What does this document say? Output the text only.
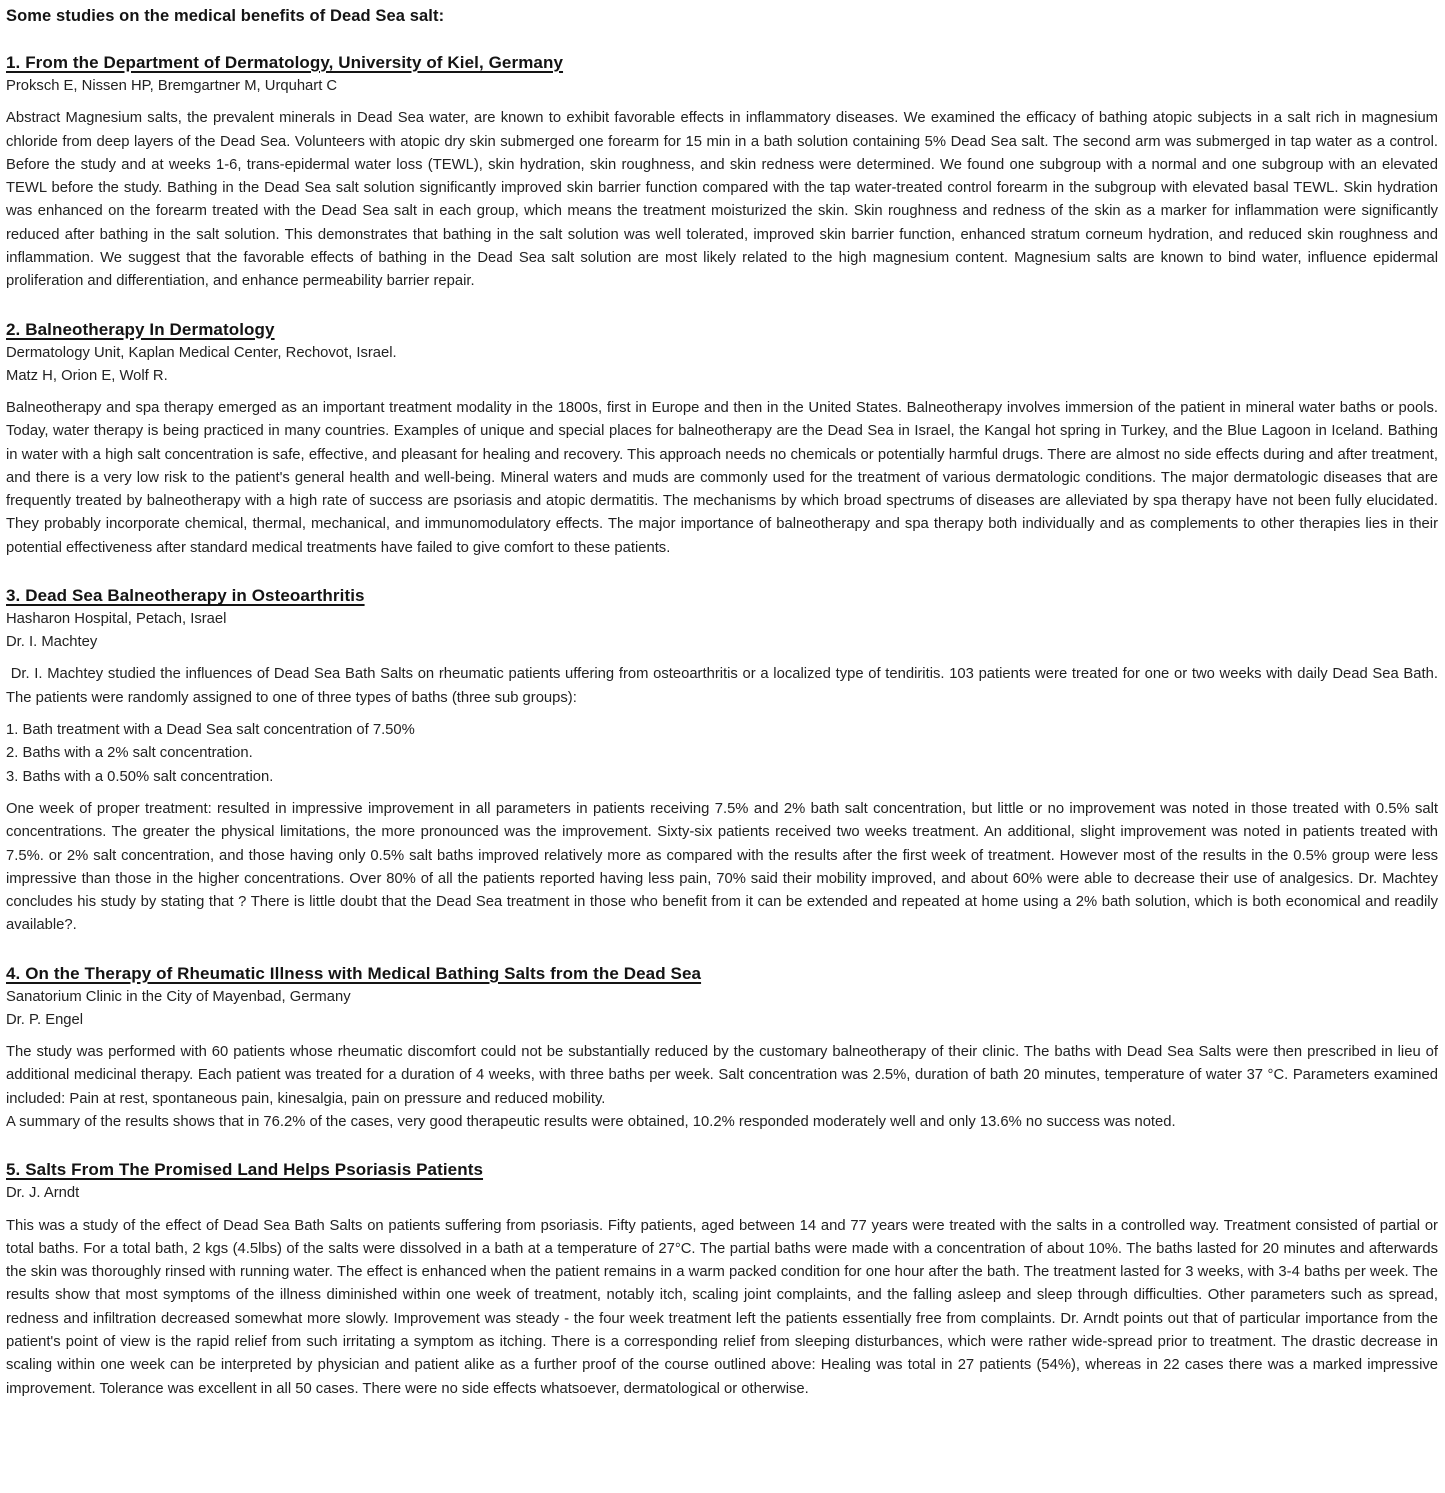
Some studies on the medical benefits of Dead Sea salt:
1. From the Department of Dermatology, University of Kiel, Germany
Proksch E, Nissen HP, Bremgartner M, Urquhart C

Abstract Magnesium salts, the prevalent minerals in Dead Sea water, are known to exhibit favorable effects in inflammatory diseases. We examined the efficacy of bathing atopic subjects in a salt rich in magnesium chloride from deep layers of the Dead Sea. Volunteers with atopic dry skin submerged one forearm for 15 min in a bath solution containing 5% Dead Sea salt. The second arm was submerged in tap water as a control. Before the study and at weeks 1-6, trans-epidermal water loss (TEWL), skin hydration, skin roughness, and skin redness were determined. We found one subgroup with a normal and one subgroup with an elevated TEWL before the study. Bathing in the Dead Sea salt solution significantly improved skin barrier function compared with the tap water-treated control forearm in the subgroup with elevated basal TEWL. Skin hydration was enhanced on the forearm treated with the Dead Sea salt in each group, which means the treatment moisturized the skin. Skin roughness and redness of the skin as a marker for inflammation were significantly reduced after bathing in the salt solution. This demonstrates that bathing in the salt solution was well tolerated, improved skin barrier function, enhanced stratum corneum hydration, and reduced skin roughness and inflammation. We suggest that the favorable effects of bathing in the Dead Sea salt solution are most likely related to the high magnesium content. Magnesium salts are known to bind water, influence epidermal proliferation and differentiation, and enhance permeability barrier repair.

2. Balneotherapy In Dermatology
Dermatology Unit, Kaplan Medical Center, Rechovot, Israel.
Matz H, Orion E, Wolf R.

Balneotherapy and spa therapy emerged as an important treatment modality in the 1800s, first in Europe and then in the United States. Balneotherapy involves immersion of the patient in mineral water baths or pools. Today, water therapy is being practiced in many countries. Examples of unique and special places for balneotherapy are the Dead Sea in Israel, the Kangal hot spring in Turkey, and the Blue Lagoon in Iceland. Bathing in water with a high salt concentration is safe, effective, and pleasant for healing and recovery. This approach needs no chemicals or potentially harmful drugs. There are almost no side effects during and after treatment, and there is a very low risk to the patient's general health and well-being. Mineral waters and muds are commonly used for the treatment of various dermatologic conditions. The major dermatologic diseases that are frequently treated by balneotherapy with a high rate of success are psoriasis and atopic dermatitis. The mechanisms by which broad spectrums of diseases are alleviated by spa therapy have not been fully elucidated. They probably incorporate chemical, thermal, mechanical, and immunomodulatory effects. The major importance of balneotherapy and spa therapy both individually and as complements to other therapies lies in their potential effectiveness after standard medical treatments have failed to give comfort to these patients.

3. Dead Sea Balneotherapy in Osteoarthritis
Hasharon Hospital, Petach, Israel
Dr. I. Machtey

Dr. I. Machtey studied the influences of Dead Sea Bath Salts on rheumatic patients uffering from osteoarthritis or a localized type of tendiritis. 103 patients were treated for one or two weeks with daily Dead Sea Bath. The patients were randomly assigned to one of three types of baths (three sub groups):

1. Bath treatment with a Dead Sea salt concentration of 7.50%
2. Baths with a 2% salt concentration.
3. Baths with a 0.50% salt concentration.

One week of proper treatment: resulted in impressive improvement in all parameters in patients receiving 7.5% and 2% bath salt concentration, but little or no improvement was noted in those treated with 0.5% salt concentrations. The greater the physical limitations, the more pronounced was the improvement. Sixty-six patients received two weeks treatment. An additional, slight improvement was noted in patients treated with 7.5%. or 2% salt concentration, and those having only 0.5% salt baths improved relatively more as compared with the results after the first week of treatment. However most of the results in the 0.5% group were less impressive than those in the higher concentrations. Over 80% of all the patients reported having less pain, 70% said their mobility improved, and about 60% were able to decrease their use of analgesics. Dr. Machtey concludes his study by stating that ? There is little doubt that the Dead Sea treatment in those who benefit from it can be extended and repeated at home using a 2% bath solution, which is both economical and readily available?.

4. On the Therapy of Rheumatic Illness with Medical Bathing Salts from the Dead Sea
Sanatorium Clinic in the City of Mayenbad, Germany
Dr. P. Engel

The study was performed with 60 patients whose rheumatic discomfort could not be substantially reduced by the customary balneotherapy of their clinic. The baths with Dead Sea Salts were then prescribed in lieu of additional medicinal therapy. Each patient was treated for a duration of 4 weeks, with three baths per week. Salt concentration was 2.5%, duration of bath 20 minutes, temperature of water 37 °C. Parameters examined included: Pain at rest, spontaneous pain, kinesalgia, pain on pressure and reduced mobility.

A summary of the results shows that in 76.2% of the cases, very good therapeutic results were obtained, 10.2% responded moderately well and only 13.6% no success was noted.

5. Salts From The Promised Land Helps Psoriasis Patients
Dr. J. Arndt

This was a study of the effect of Dead Sea Bath Salts on patients suffering from psoriasis. Fifty patients, aged between 14 and 77 years were treated with the salts in a controlled way. Treatment consisted of partial or total baths. For a total bath, 2 kgs (4.5lbs) of the salts were dissolved in a bath at a temperature of 27°C. The partial baths were made with a concentration of about 10%. The baths lasted for 20 minutes and afterwards the skin was thoroughly rinsed with running water. The effect is enhanced when the patient remains in a warm packed condition for one hour after the bath. The treatment lasted for 3 weeks, with 3-4 baths per week. The results show that most symptoms of the illness diminished within one week of treatment, notably itch, scaling joint complaints, and the falling asleep and sleep through difficulties. Other parameters such as spread, redness and infiltration decreased somewhat more slowly. Improvement was steady - the four week treatment left the patients essentially free from complaints. Dr. Arndt points out that of particular importance from the patient's point of view is the rapid relief from such irritating a symptom as itching. There is a corresponding relief from sleeping disturbances, which were rather wide-spread prior to treatment. The drastic decrease in scaling within one week can be interpreted by physician and patient alike as a further proof of the course outlined above: Healing was total in 27 patients (54%), whereas in 22 cases there was a marked impressive improvement. Tolerance was excellent in all 50 cases. There were no side effects whatsoever, dermatological or otherwise.
